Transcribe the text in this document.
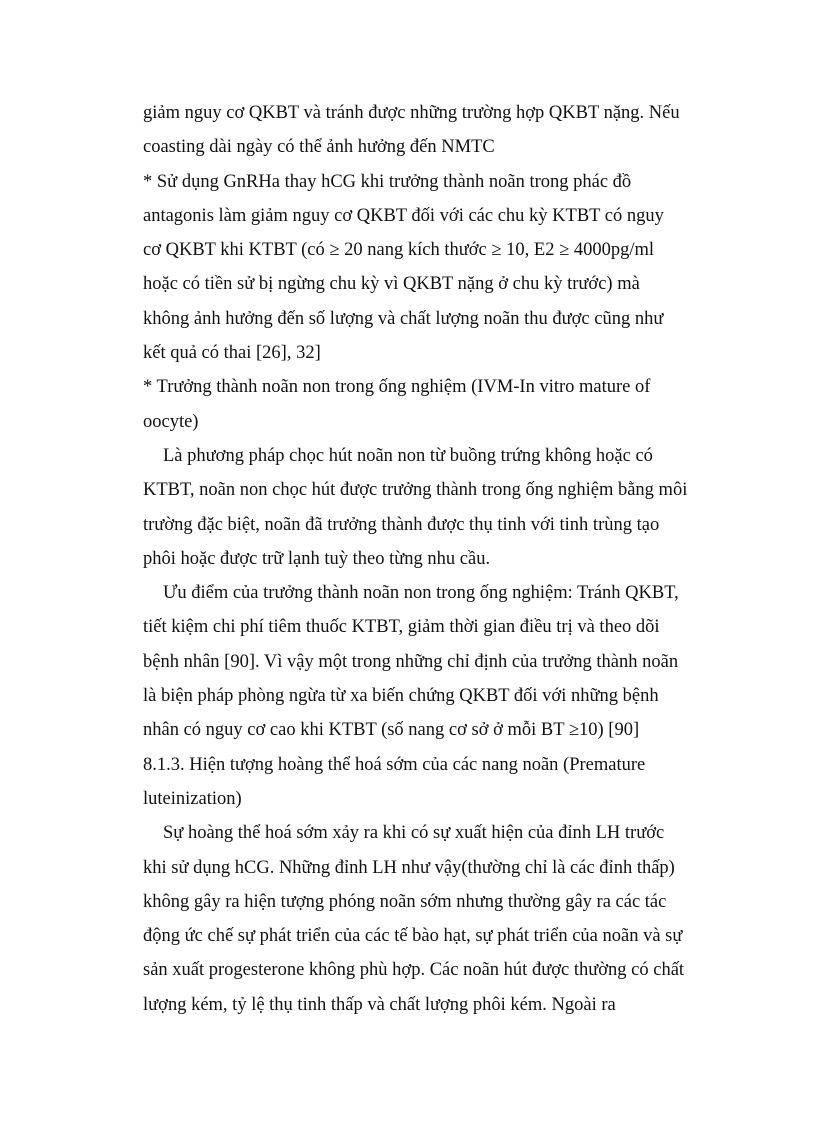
giảm nguy cơ QKBT và tránh được những trường hợp QKBT nặng. Nếu
coasting dài ngày có thể ảnh hưởng đến NMTC
* Sử dụng GnRHa thay hCG khi trưởng thành noãn trong phác đồ
antagonis làm giảm nguy cơ QKBT đối với các chu kỳ KTBT có nguy
cơ QKBT khi KTBT (có ≥ 20 nang kích thước ≥ 10, E2 ≥ 4000pg/ml
hoặc có tiền sử bị ngừng chu kỳ vì QKBT nặng ở chu kỳ trước) mà
không ảnh hưởng đến số lượng và chất lượng noãn thu được cũng như
kết quả có thai [26], 32]
* Trưởng thành noãn non trong ống nghiệm (IVM-In vitro mature of
oocyte)
Là phương pháp chọc hút noãn non từ buồng trứng không hoặc có
KTBT, noãn non chọc hút được trưởng thành trong ống nghiệm bằng môi
trường đặc biệt, noãn đã trưởng thành được thụ tinh với tinh trùng tạo
phôi hoặc được trữ lạnh tuỳ theo từng nhu cầu.
Ưu điểm của trưởng thành noãn non trong ống nghiệm: Tránh QKBT,
tiết kiệm chi phí tiêm thuốc KTBT, giảm thời gian điều trị và theo dõi
bệnh nhân [90]. Vì vậy một trong những chỉ định của trưởng thành noãn
là biện pháp phòng ngừa từ xa biến chứng QKBT đối với những bệnh
nhân có nguy cơ cao khi KTBT (số nang cơ sở ở mỗi BT ≥10) [90]
8.1.3. Hiện tượng hoàng thể hoá sớm của các nang noãn (Premature
luteinization)
Sự hoàng thể hoá sớm xảy ra khi có sự xuất hiện của đỉnh LH trước
khi sử dụng hCG. Những đỉnh LH như vậy(thường chỉ là các đỉnh thấp)
không gây ra hiện tượng phóng noãn sớm nhưng thường gây ra các tác
động ức chế sự phát triển của các tế bào hạt, sự phát triển của noãn và sự
sản xuất progesterone không phù hợp. Các noãn hút được thường có chất
lượng kém, tỷ lệ thụ tinh thấp và chất lượng phôi kém. Ngoài ra
